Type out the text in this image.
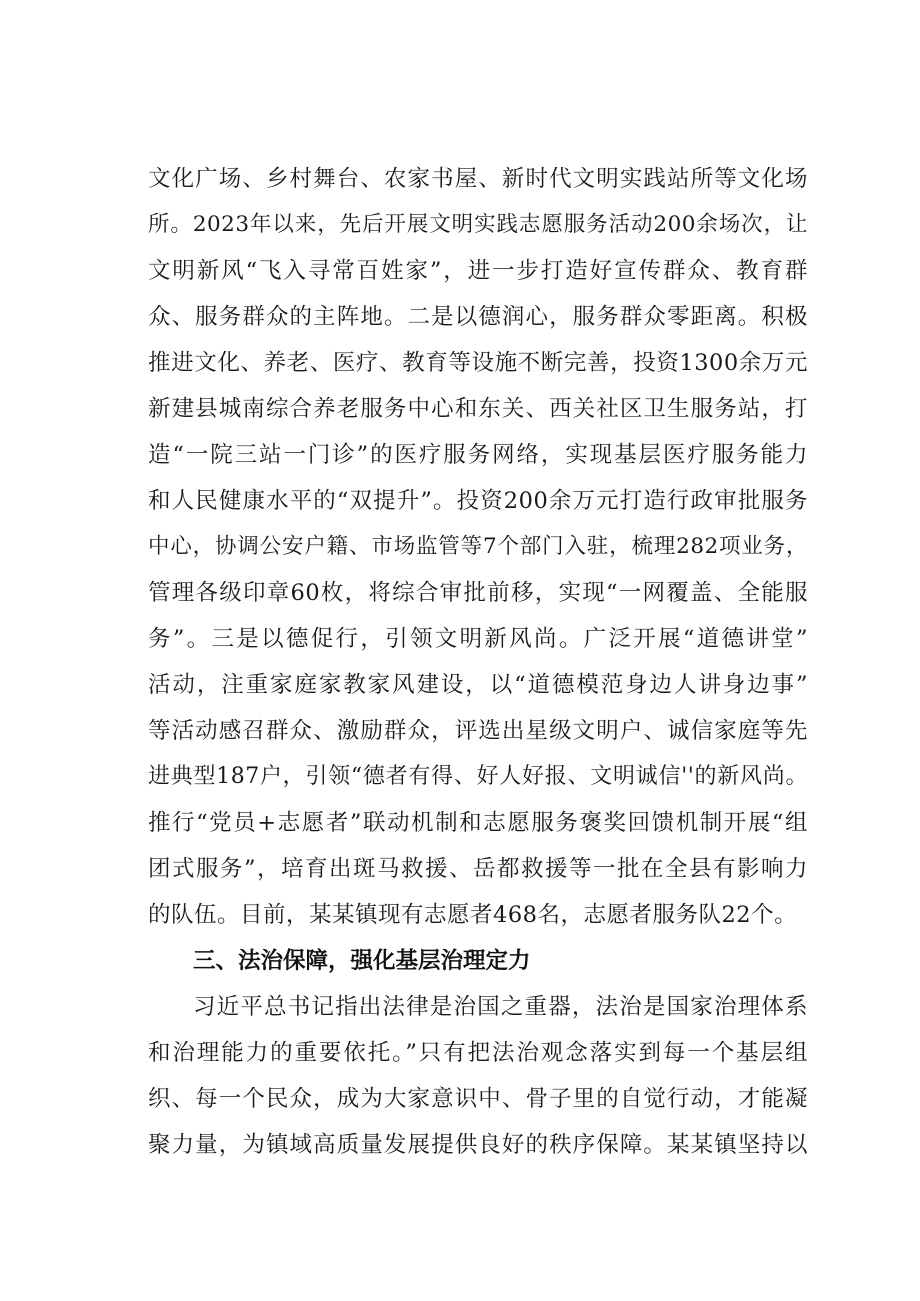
文化广场、乡村舞台、农家书屋、新时代文明实践站所等文化场
所。2023年以来，先后开展文明实践志愿服务活动200余场次，让
文明新风“飞入寻常百姓家”，进一步打造好宣传群众、教育群
众、服务群众的主阵地。二是以德润心，服务群众零距离。积极
推进文化、养老、医疗、教育等设施不断完善，投资1300余万元
新建县城南综合养老服务中心和东关、西关社区卫生服务站，打
造“一院三站一门诊”的医疗服务网络，实现基层医疗服务能力
和人民健康水平的“双提升”。投资200余万元打造行政审批服务
中心，协调公安户籍、市场监管等7个部门入驻，梳理282项业务，
管理各级印章60枚，将综合审批前移，实现“一网覆盖、全能服
务”。三是以德促行，引领文明新风尚。广泛开展“道德讲堂”
活动，注重家庭家教家风建设，以“道德模范身边人讲身边事”
等活动感召群众、激励群众，评选出星级文明户、诚信家庭等先
进典型187户，引领“德者有得、好人好报、文明诚信''的新风尚。
推行“党员+志愿者”联动机制和志愿服务褒奖回馈机制开展“组
团式服务”，培育出斑马救援、岳都救援等一批在全县有影响力
的队伍。目前，某某镇现有志愿者468名，志愿者服务队22个。
三、法治保障，强化基层治理定力
习近平总书记指出法律是治国之重器，法治是国家治理体系
和治理能力的重要依托。”只有把法治观念落实到每一个基层组
织、每一个民众，成为大家意识中、骨子里的自觉行动，才能凝
聚力量，为镇域高质量发展提供良好的秩序保障。某某镇坚持以
